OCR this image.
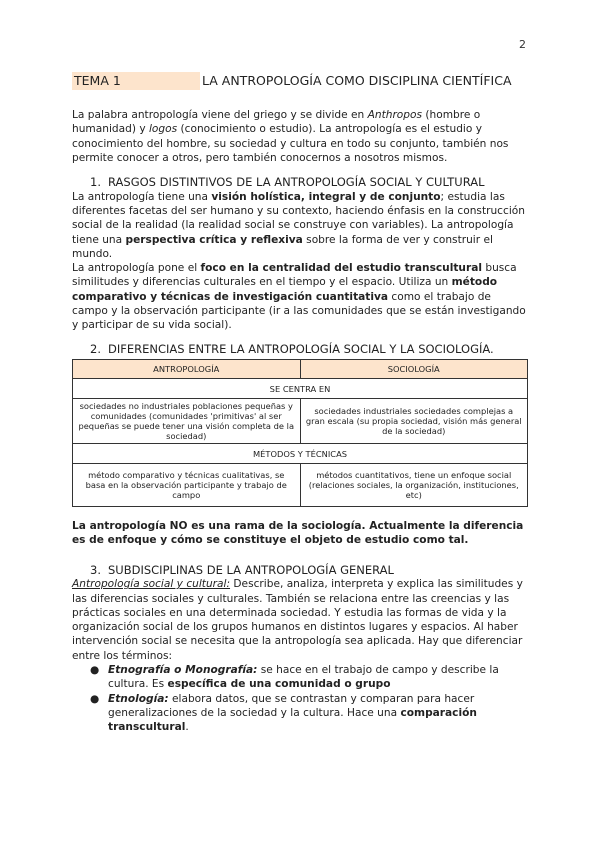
2
TEMA 1	LA ANTROPOLOGÍA COMO DISCIPLINA CIENTÍFICA

La palabra antropología viene del griego y se divide en Anthropos (hombre o humanidad) y logos (conocimiento o estudio). La antropología es el estudio y conocimiento del hombre, su sociedad y cultura en todo su conjunto, también nos permite conocer a otros, pero también conocernos a nosotros mismos.

1. RASGOS DISTINTIVOS DE LA ANTROPOLOGÍA SOCIAL Y CULTURAL

La antropología tiene una visión holística, integral y de conjunto; estudia las diferentes facetas del ser humano y su contexto, haciendo énfasis en la construcción social de la realidad (la realidad social se construye con variables). La antropología tiene una perspectiva crítica y reflexiva sobre la forma de ver y construir el mundo.

La antropología pone el foco en la centralidad del estudio transcultural busca similitudes y diferencias culturales en el tiempo y el espacio. Utiliza un método comparativo y técnicas de investigación cuantitativa como el trabajo de campo y la observación participante (ir a las comunidades que se están investigando y participar de su vida social).

2. DIFERENCIAS ENTRE LA ANTROPOLOGÍA SOCIAL Y LA SOCIOLOGÍA.
ANTROPOLOGÍA	SOCIOLOGÍA
SE CENTRA EN	
sociedades no industriales poblaciones pequeñas y comunidades (comunidades 'primitivas' al ser pequeñas se puede tener una visión completa de la sociedad)	sociedades industriales sociedades complejas a gran escala (su propia sociedad, visión más general de la sociedad)
MÉTODOS Y TÉCNICAS	
método comparativo y técnicas cualitativas, se basa en la observación participante y trabajo de campo	métodos cuantitativos, tiene un enfoque social (relaciones sociales, la organización, instituciones, etc)

La antropología NO es una rama de la sociología. Actualmente la diferencia es de enfoque y cómo se constituye el objeto de estudio como tal.

3. SUBDISCIPLINAS DE LA ANTROPOLOGÍA GENERAL

Antropología social y cultural: Describe, analiza, interpreta y explica las similitudes y las diferencias sociales y culturales. También se relaciona entre las creencias y las prácticas sociales en una determinada sociedad. Y estudia las formas de vida y la organización social de los grupos humanos en distintos lugares y espacios. Al haber intervención social se necesita que la antropología sea aplicada. Hay que diferenciar entre los términos:

● Etnografía o Monografía: se hace en el trabajo de campo y describe la cultura. Es específica de una comunidad o grupo
● Etnología: elabora datos, que se contrastan y comparan para hacer generalizaciones de la sociedad y la cultura. Hace una comparación transcultural.
